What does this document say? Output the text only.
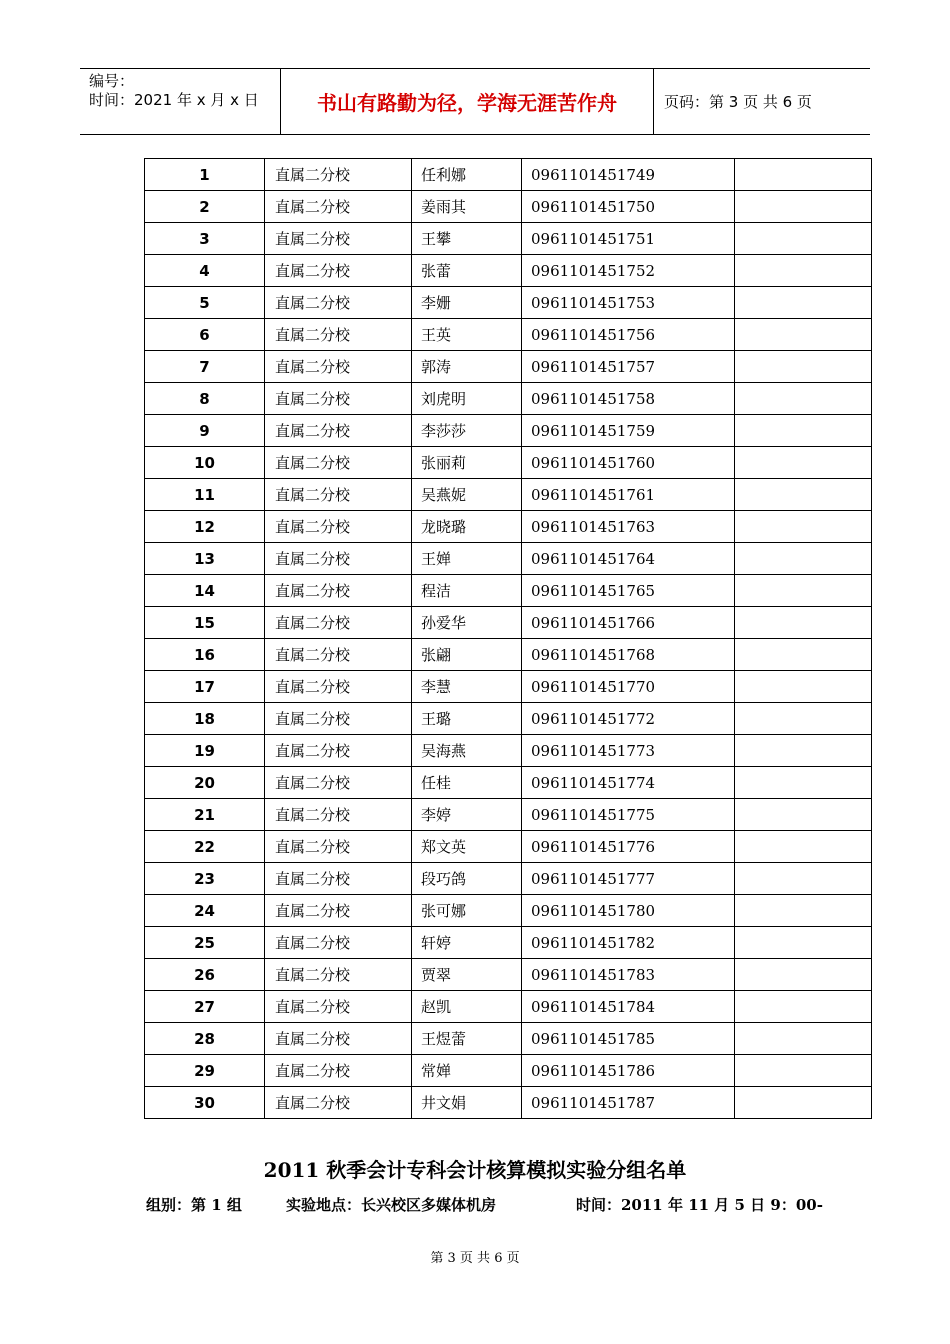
编号：
时间：2021 年 x 月 x 日	书山有路勤为径，学海无涯苦作舟	页码：第 3 页 共 6 页
1	直属二分校	任利娜	0961101451749	
2	直属二分校	姜雨其	0961101451750	
3	直属二分校	王攀	0961101451751	
4	直属二分校	张蕾	0961101451752	
5	直属二分校	李姗	0961101451753	
6	直属二分校	王英	0961101451756	
7	直属二分校	郭涛	0961101451757	
8	直属二分校	刘虎明	0961101451758	
9	直属二分校	李莎莎	0961101451759	
10	直属二分校	张丽莉	0961101451760	
11	直属二分校	吴燕妮	0961101451761	
12	直属二分校	龙晓璐	0961101451763	
13	直属二分校	王婵	0961101451764	
14	直属二分校	程洁	0961101451765	
15	直属二分校	孙爱华	0961101451766	
16	直属二分校	张翩	0961101451768	
17	直属二分校	李慧	0961101451770	
18	直属二分校	王璐	0961101451772	
19	直属二分校	吴海燕	0961101451773	
20	直属二分校	任桂	0961101451774	
21	直属二分校	李婷	0961101451775	
22	直属二分校	郑文英	0961101451776	
23	直属二分校	段巧鸽	0961101451777	
24	直属二分校	张可娜	0961101451780	
25	直属二分校	轩婷	0961101451782	
26	直属二分校	贾翠	0961101451783	
27	直属二分校	赵凯	0961101451784	
28	直属二分校	王煜蕾	0961101451785	
29	直属二分校	常婵	0961101451786	
30	直属二分校	井文娟	0961101451787	
2011 秋季会计专科会计核算模拟实验分组名单
组别：第 1 组	实验地点：长兴校区多媒体机房	时间：2011 年 11 月 5 日 9：00-
第 3 页 共 6 页
